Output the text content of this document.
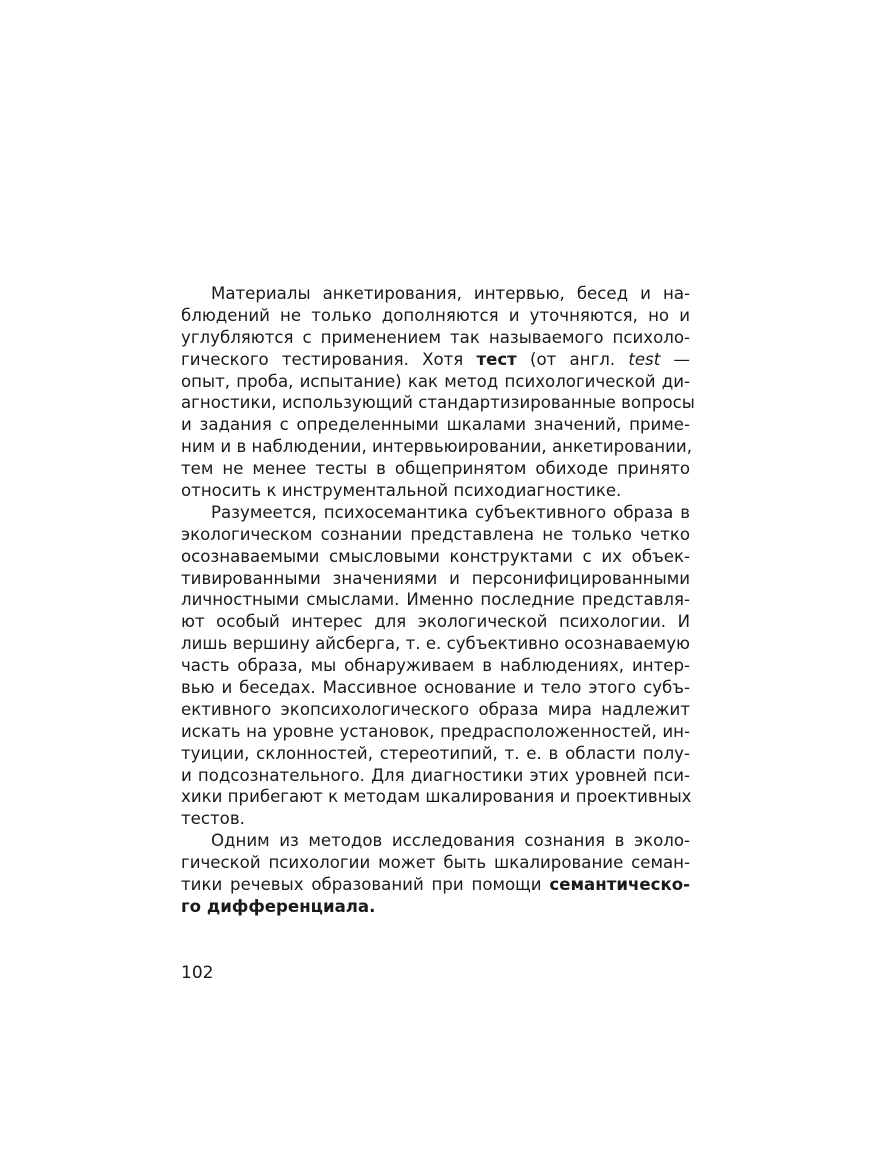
Материалы анкетирования, интервью, бесед и на-
блюдений не только дополняются и уточняются, но и
углубляются с применением так называемого психоло-
гического тестирования. Хотя тест (от англ. test —
опыт, проба, испытание) как метод психологической ди-
агностики, использующий стандартизированные вопросы
и задания с определенными шкалами значений, приме-
ним и в наблюдении, интервьюировании, анкетировании,
тем не менее тесты в общепринятом обиходе принято
относить к инструментальной психодиагностике.
Разумеется, психосемантика субъективного образа в
экологическом сознании представлена не только четко
осознаваемыми смысловыми конструктами с их объек-
тивированными значениями и персонифицированными
личностными смыслами. Именно последние представля-
ют особый интерес для экологической психологии. И
лишь вершину айсберга, т. е. субъективно осознаваемую
часть образа, мы обнаруживаем в наблюдениях, интер-
вью и беседах. Массивное основание и тело этого субъ-
ективного экопсихологического образа мира надлежит
искать на уровне установок, предрасположенностей, ин-
туиции, склонностей, стереотипий, т. е. в области полу-
и подсознательного. Для диагностики этих уровней пси-
хики прибегают к методам шкалирования и проективных
тестов.
Одним из методов исследования сознания в эколо-
гической психологии может быть шкалирование семан-
тики речевых образований при помощи семантическо-
го дифференциала.
102
